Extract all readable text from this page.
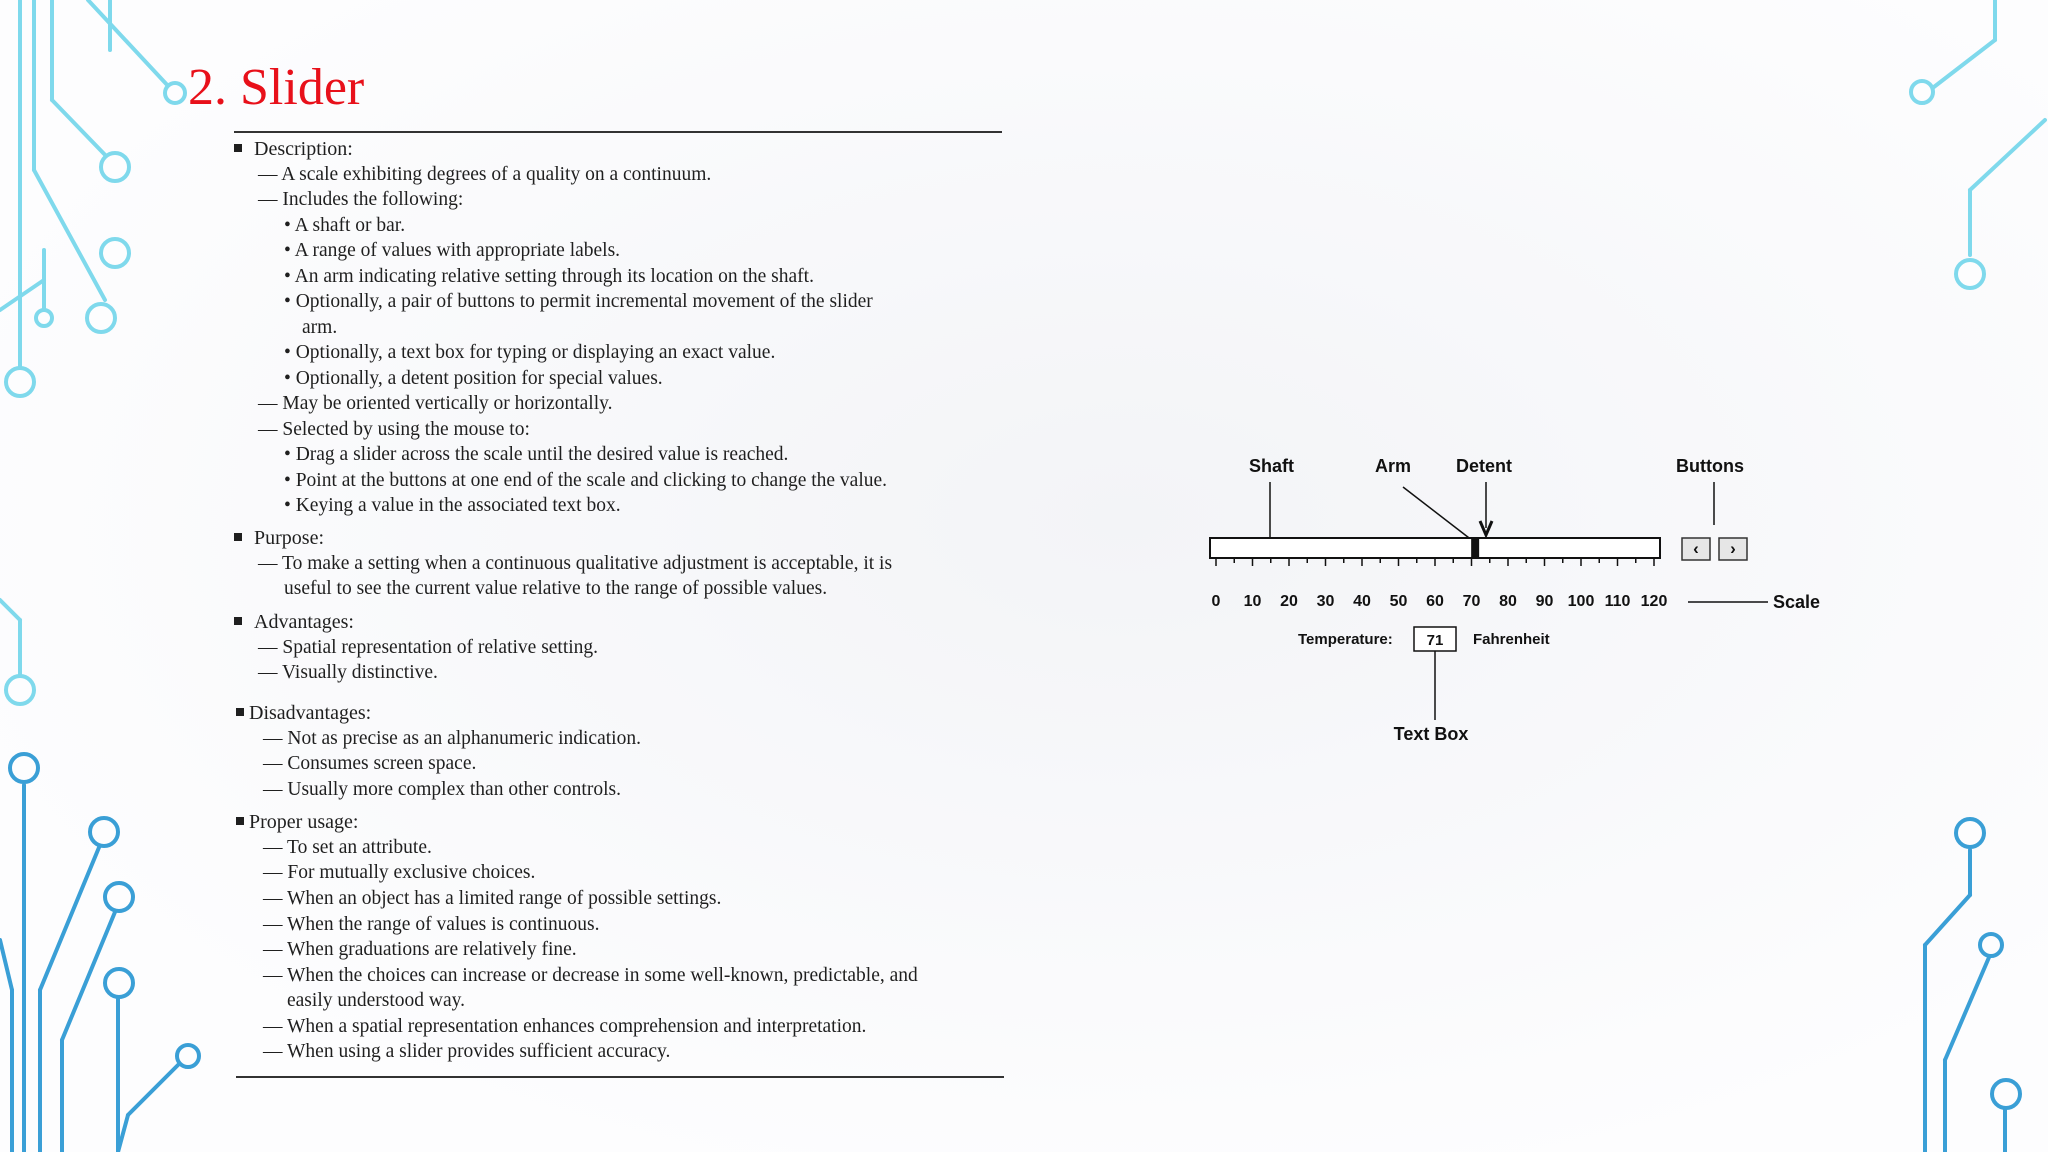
2. Slider
Description:
— A scale exhibiting degrees of a quality on a continuum.
— Includes the following:
• A shaft or bar.
• A range of values with appropriate labels.
• An arm indicating relative setting through its location on the shaft.
• Optionally, a pair of buttons to permit incremental movement of the slider
arm.
• Optionally, a text box for typing or displaying an exact value.
• Optionally, a detent position for special values.
— May be oriented vertically or horizontally.
— Selected by using the mouse to:
• Drag a slider across the scale until the desired value is reached.
• Point at the buttons at one end of the scale and clicking to change the value.
• Keying a value in the associated text box.
Purpose:
— To make a setting when a continuous qualitative adjustment is acceptable, it is
useful to see the current value relative to the range of possible values.
Advantages:
— Spatial representation of relative setting.
— Visually distinctive.
Disadvantages:
— Not as precise as an alphanumeric indication.
— Consumes screen space.
— Usually more complex than other controls.
Proper usage:
— To set an attribute.
— For mutually exclusive choices.
— When an object has a limited range of possible settings.
— When the range of values is continuous.
— When graduations are relatively fine.
— When the choices can increase or decrease in some well-known, predictable, and
easily understood way.
— When a spatial representation enhances comprehension and interpretation.
— When using a slider provides sufficient accuracy.
Shaft	Arm Detent	Buttons
‹ ›
0 10 20 30 40 50 60 70 80 90 100 110 120	Scale
Temperature: 71 Fahrenheit
Text Box
